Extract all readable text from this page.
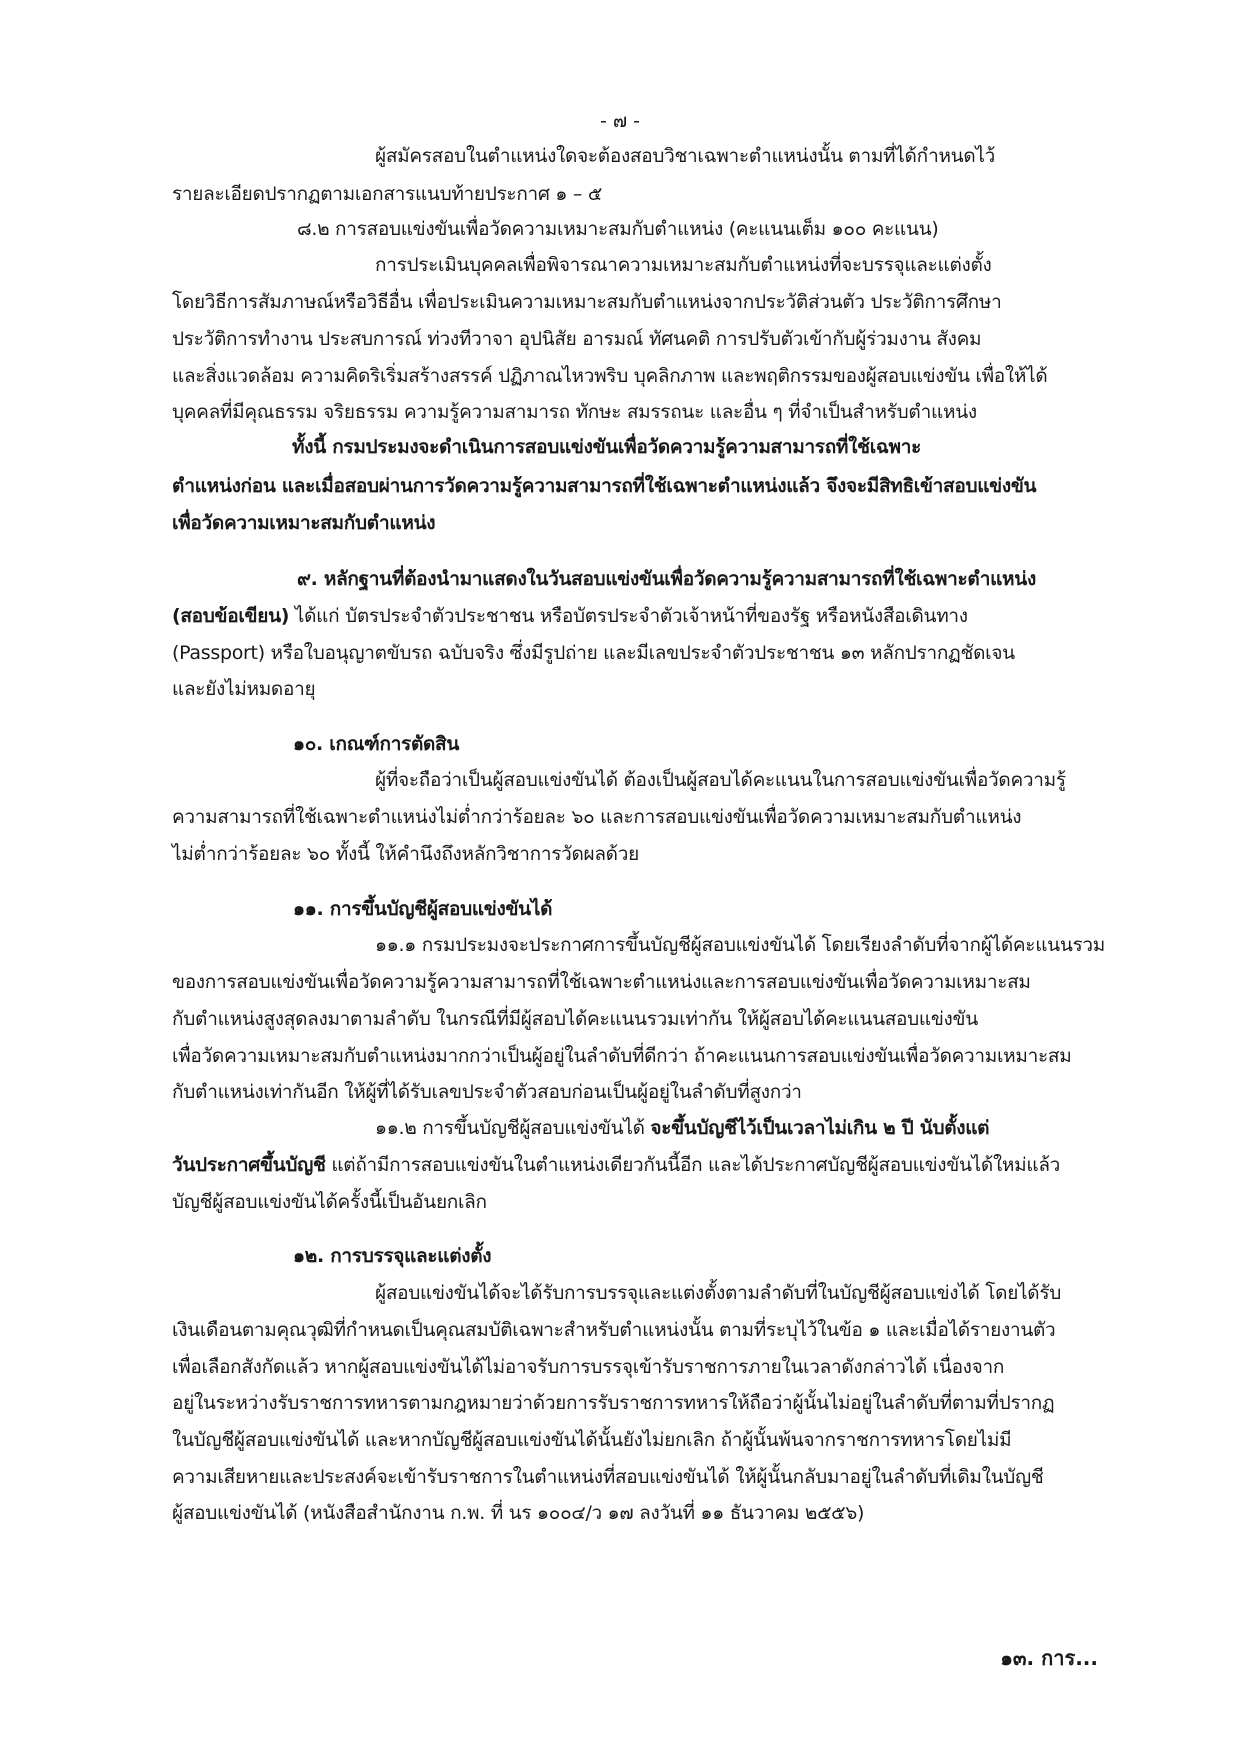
- ๗ -
ผู้สมัครสอบในตำแหน่งใดจะต้องสอบวิชาเฉพาะตำแหน่งนั้น ตามที่ได้กำหนดไว้
รายละเอียดปรากฏตามเอกสารแนบท้ายประกาศ ๑ – ๕
๘.๒ การสอบแข่งขันเพื่อวัดความเหมาะสมกับตำแหน่ง (คะแนนเต็ม ๑๐๐ คะแนน)
การประเมินบุคคลเพื่อพิจารณาความเหมาะสมกับตำแหน่งที่จะบรรจุและแต่งตั้ง
โดยวิธีการสัมภาษณ์หรือวิธีอื่น เพื่อประเมินความเหมาะสมกับตำแหน่งจากประวัติส่วนตัว ประวัติการศึกษา
ประวัติการทำงาน ประสบการณ์ ท่วงทีวาจา อุปนิสัย อารมณ์ ทัศนคติ การปรับตัวเข้ากับผู้ร่วมงาน สังคม
และสิ่งแวดล้อม ความคิดริเริ่มสร้างสรรค์ ปฏิภาณไหวพริบ บุคลิกภาพ และพฤติกรรมของผู้สอบแข่งขัน เพื่อให้ได้
บุคคลที่มีคุณธรรม จริยธรรม ความรู้ความสามารถ ทักษะ สมรรถนะ และอื่น ๆ ที่จำเป็นสำหรับตำแหน่ง
ทั้งนี้ กรมประมงจะดำเนินการสอบแข่งขันเพื่อวัดความรู้ความสามารถที่ใช้เฉพาะ
ตำแหน่งก่อน และเมื่อสอบผ่านการวัดความรู้ความสามารถที่ใช้เฉพาะตำแหน่งแล้ว จึงจะมีสิทธิเข้าสอบแข่งขัน
เพื่อวัดความเหมาะสมกับตำแหน่ง
๙. หลักฐานที่ต้องนำมาแสดงในวันสอบแข่งขันเพื่อวัดความรู้ความสามารถที่ใช้เฉพาะตำแหน่ง
(สอบข้อเขียน) ได้แก่ บัตรประจำตัวประชาชน หรือบัตรประจำตัวเจ้าหน้าที่ของรัฐ หรือหนังสือเดินทาง
(Passport) หรือใบอนุญาตขับรถ ฉบับจริง ซึ่งมีรูปถ่าย และมีเลขประจำตัวประชาชน ๑๓ หลักปรากฏชัดเจน
และยังไม่หมดอายุ
๑๐. เกณฑ์การตัดสิน
ผู้ที่จะถือว่าเป็นผู้สอบแข่งขันได้ ต้องเป็นผู้สอบได้คะแนนในการสอบแข่งขันเพื่อวัดความรู้
ความสามารถที่ใช้เฉพาะตำแหน่งไม่ต่ำกว่าร้อยละ ๖๐ และการสอบแข่งขันเพื่อวัดความเหมาะสมกับตำแหน่ง
ไม่ต่ำกว่าร้อยละ ๖๐ ทั้งนี้ ให้คำนึงถึงหลักวิชาการวัดผลด้วย
๑๑. การขึ้นบัญชีผู้สอบแข่งขันได้
๑๑.๑ กรมประมงจะประกาศการขึ้นบัญชีผู้สอบแข่งขันได้ โดยเรียงลำดับที่จากผู้ได้คะแนนรวม
ของการสอบแข่งขันเพื่อวัดความรู้ความสามารถที่ใช้เฉพาะตำแหน่งและการสอบแข่งขันเพื่อวัดความเหมาะสม
กับตำแหน่งสูงสุดลงมาตามลำดับ ในกรณีที่มีผู้สอบได้คะแนนรวมเท่ากัน ให้ผู้สอบได้คะแนนสอบแข่งขัน
เพื่อวัดความเหมาะสมกับตำแหน่งมากกว่าเป็นผู้อยู่ในลำดับที่ดีกว่า ถ้าคะแนนการสอบแข่งขันเพื่อวัดความเหมาะสม
กับตำแหน่งเท่ากันอีก ให้ผู้ที่ได้รับเลขประจำตัวสอบก่อนเป็นผู้อยู่ในลำดับที่สูงกว่า
๑๑.๒ การขึ้นบัญชีผู้สอบแข่งขันได้ จะขึ้นบัญชีไว้เป็นเวลาไม่เกิน ๒ ปี นับตั้งแต่
วันประกาศขึ้นบัญชี แต่ถ้ามีการสอบแข่งขันในตำแหน่งเดียวกันนี้อีก และได้ประกาศบัญชีผู้สอบแข่งขันได้ใหม่แล้ว
บัญชีผู้สอบแข่งขันได้ครั้งนี้เป็นอันยกเลิก
๑๒. การบรรจุและแต่งตั้ง
ผู้สอบแข่งขันได้จะได้รับการบรรจุและแต่งตั้งตามลำดับที่ในบัญชีผู้สอบแข่งได้ โดยได้รับ
เงินเดือนตามคุณวุฒิที่กำหนดเป็นคุณสมบัติเฉพาะสำหรับตำแหน่งนั้น ตามที่ระบุไว้ในข้อ ๑ และเมื่อได้รายงานตัว
เพื่อเลือกสังกัดแล้ว หากผู้สอบแข่งขันได้ไม่อาจรับการบรรจุเข้ารับราชการภายในเวลาดังกล่าวได้ เนื่องจาก
อยู่ในระหว่างรับราชการทหารตามกฎหมายว่าด้วยการรับราชการทหารให้ถือว่าผู้นั้นไม่อยู่ในลำดับที่ตามที่ปรากฏ
ในบัญชีผู้สอบแข่งขันได้ และหากบัญชีผู้สอบแข่งขันได้นั้นยังไม่ยกเลิก ถ้าผู้นั้นพ้นจากราชการทหารโดยไม่มี
ความเสียหายและประสงค์จะเข้ารับราชการในตำแหน่งที่สอบแข่งขันได้ ให้ผู้นั้นกลับมาอยู่ในลำดับที่เดิมในบัญชี
ผู้สอบแข่งขันได้ (หนังสือสำนักงาน ก.พ. ที่ นร ๑๐๐๔/ว ๑๗ ลงวันที่ ๑๑ ธันวาคม ๒๕๕๖)
๑๓. การ...
